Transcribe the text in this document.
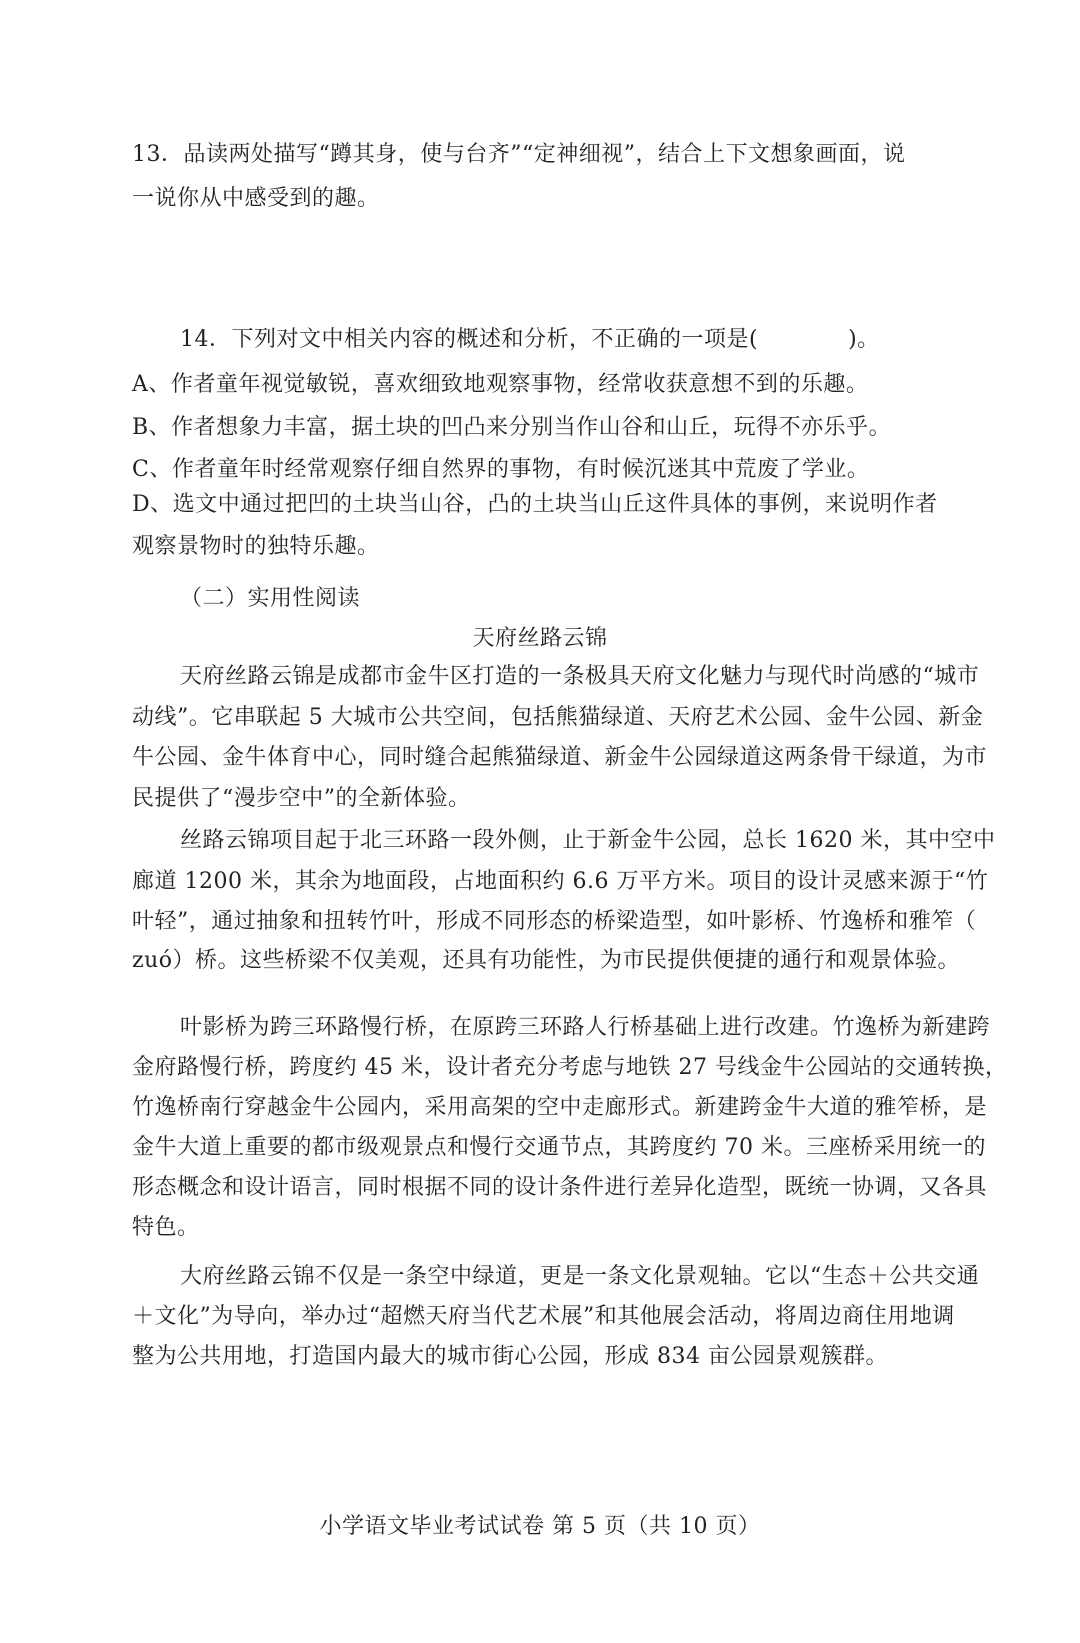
13．品读两处描写“蹲其身，使与台齐”“定神细视”，结合上下文想象画面，说
一说你从中感受到的趣。
14．下列对文中相关内容的概述和分析，不正确的一项是(	)。
A、作者童年视觉敏锐，喜欢细致地观察事物，经常收获意想不到的乐趣。
B、作者想象力丰富，据土块的凹凸来分别当作山谷和山丘，玩得不亦乐乎。
C、作者童年时经常观察仔细自然界的事物，有时候沉迷其中荒废了学业。
D、选文中通过把凹的土块当山谷，凸的土块当山丘这件具体的事例，来说明作者
观察景物时的独特乐趣。
（二）实用性阅读
天府丝路云锦
天府丝路云锦是成都市金牛区打造的一条极具天府文化魅力与现代时尚感的“城市
动线”。它串联起 5 大城市公共空间，包括熊猫绿道、天府艺术公园、金牛公园、新金
牛公园、金牛体育中心，同时缝合起熊猫绿道、新金牛公园绿道这两条骨干绿道，为市
民提供了“漫步空中”的全新体验。
丝路云锦项目起于北三环路一段外侧，止于新金牛公园，总长 1620 米，其中空中
廊道 1200 米，其余为地面段，占地面积约 6.6 万平方米。项目的设计灵感来源于“竹
叶轻”，通过抽象和扭转竹叶，形成不同形态的桥梁造型，如叶影桥、竹逸桥和雅笮（
zuó）桥。这些桥梁不仅美观，还具有功能性，为市民提供便捷的通行和观景体验。
叶影桥为跨三环路慢行桥，在原跨三环路人行桥基础上进行改建。竹逸桥为新建跨
金府路慢行桥，跨度约 45 米，设计者充分考虑与地铁 27 号线金牛公园站的交通转换，
竹逸桥南行穿越金牛公园内，采用高架的空中走廊形式。新建跨金牛大道的雅笮桥，是
金牛大道上重要的都市级观景点和慢行交通节点，其跨度约 70 米。三座桥采用统一的
形态概念和设计语言，同时根据不同的设计条件进行差异化造型，既统一协调，又各具
特色。
大府丝路云锦不仅是一条空中绿道，更是一条文化景观轴。它以“生态＋公共交通
＋文化”为导向，举办过“超燃天府当代艺术展”和其他展会活动，将周边商住用地调
整为公共用地，打造国内最大的城市街心公园，形成 834 亩公园景观簇群。
小学语文毕业考试试卷 第 5 页（共 10 页）
